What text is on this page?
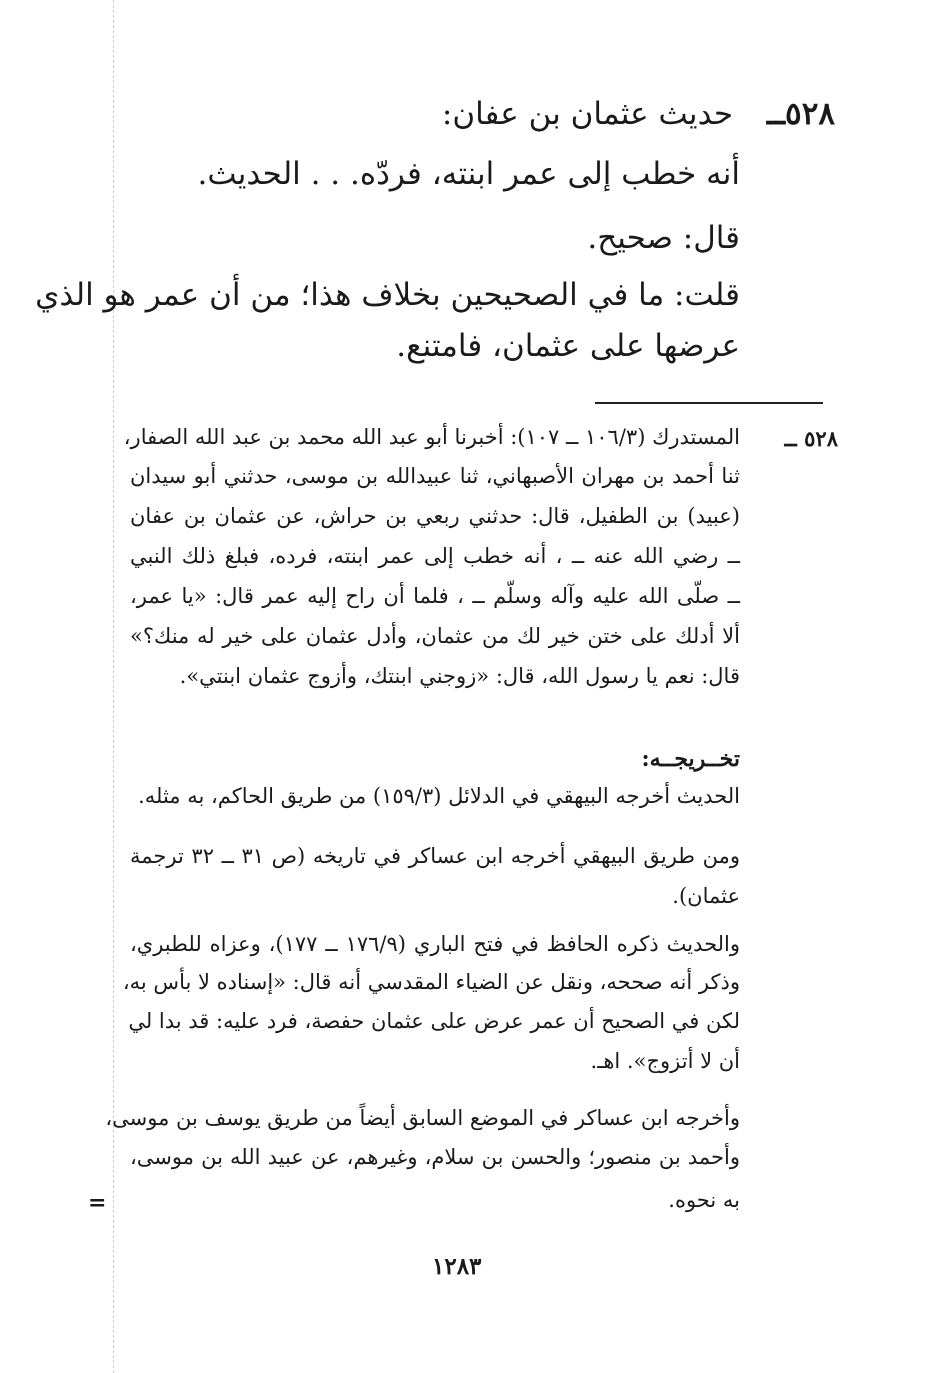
٥٢٨ــ
حديث عثمان بن عفان:
أنه خطب إلى عمر ابنته، فردّه. . . الحديث.
قال: صحيح.
قلت: ما في الصحيحين بخلاف هذا؛ من أن عمر هو الذي
عرضها على عثمان، فامتنع.
٥٢٨ ــ
المستدرك (١٠٦/٣ ــ ١٠٧): أخبرنا أبو عبد الله محمد بن عبد الله الصفار،
ثنا أحمد بن مهران الأصبهاني، ثنا عبيدالله بن موسى، حدثني أبو سيدان
(عبيد) بن الطفيل، قال: حدثني ربعي بن حراش، عن عثمان بن عفان
ــ رضي الله عنه ــ ، أنه خطب إلى عمر ابنته، فرده، فبلغ ذلك النبي
ــ صلّى الله عليه وآله وسلّم ــ ، فلما أن راح إليه عمر قال: «يا عمر،
ألا أدلك على ختن خير لك من عثمان، وأدل عثمان على خير له منك؟»
قال: نعم يا رسول الله، قال: «زوجني ابنتك، وأزوج عثمان ابنتي».
تخــريجــه:
الحديث أخرجه البيهقي في الدلائل (١٥٩/٣) من طريق الحاكم، به مثله.
ومن طريق البيهقي أخرجه ابن عساكر في تاريخه (ص ٣١ ــ ٣٢ ترجمة
عثمان).
والحديث ذكره الحافظ في فتح الباري (١٧٦/٩ ــ ١٧٧)، وعزاه للطبري،
وذكر أنه صححه، ونقل عن الضياء المقدسي أنه قال: «إسناده لا بأس به،
لكن في الصحيح أن عمر عرض على عثمان حفصة، فرد عليه: قد بدا لي
أن لا أتزوج». اهـ.
وأخرجه ابن عساكر في الموضع السابق أيضاً من طريق يوسف بن موسى،
وأحمد بن منصور؛ والحسن بن سلام، وغيرهم، عن عبيد الله بن موسى،
به نحوه.
=
١٢٨٣
